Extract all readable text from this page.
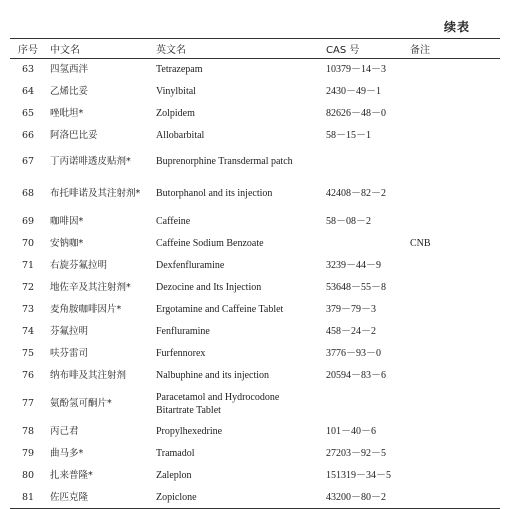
续表
序号	中文名	英文名	CAS 号	备注
63	四氢西泮	Tetrazepam	10379－14－3	
64	乙烯比妥	Vinylbital	2430－49－1	
65	唑吡坦*	Zolpidem	82626－48－0	
66	阿洛巴比妥	Allobarbital	58－15－1	
67	丁丙诺啡透皮贴剂*	Buprenorphine Transdermal patch		
68	布托啡诺及其注射剂*	Butorphanol and its injection	42408－82－2	
69	咖啡因*	Caffeine	58－08－2	
70	安钠咖*	Caffeine Sodium Benzoate		CNB
71	右旋芬氟拉明	Dexfenfluramine	3239－44－9	
72	地佐辛及其注射剂*	Dezocine and Its Injection	53648－55－8	
73	麦角胺咖啡因片*	Ergotamine and Caffeine Tablet	379－79－3	
74	芬氟拉明	Fenfluramine	458－24－2	
75	呋芬雷司	Furfennorex	3776－93－0	
76	纳布啡及其注射剂	Nalbuphine and its injection	20594－83－6	
77	氨酚氢可酮片*	Paracetamol and Hydrocodone Bitartrate Tablet		
78	丙己君	Propylhexedrine	101－40－6	
79	曲马多*	Tramadol	27203－92－5	
80	扎来普隆*	Zaleplon	151319－34－5	
81	佐匹克隆	Zopiclone	43200－80－2	
